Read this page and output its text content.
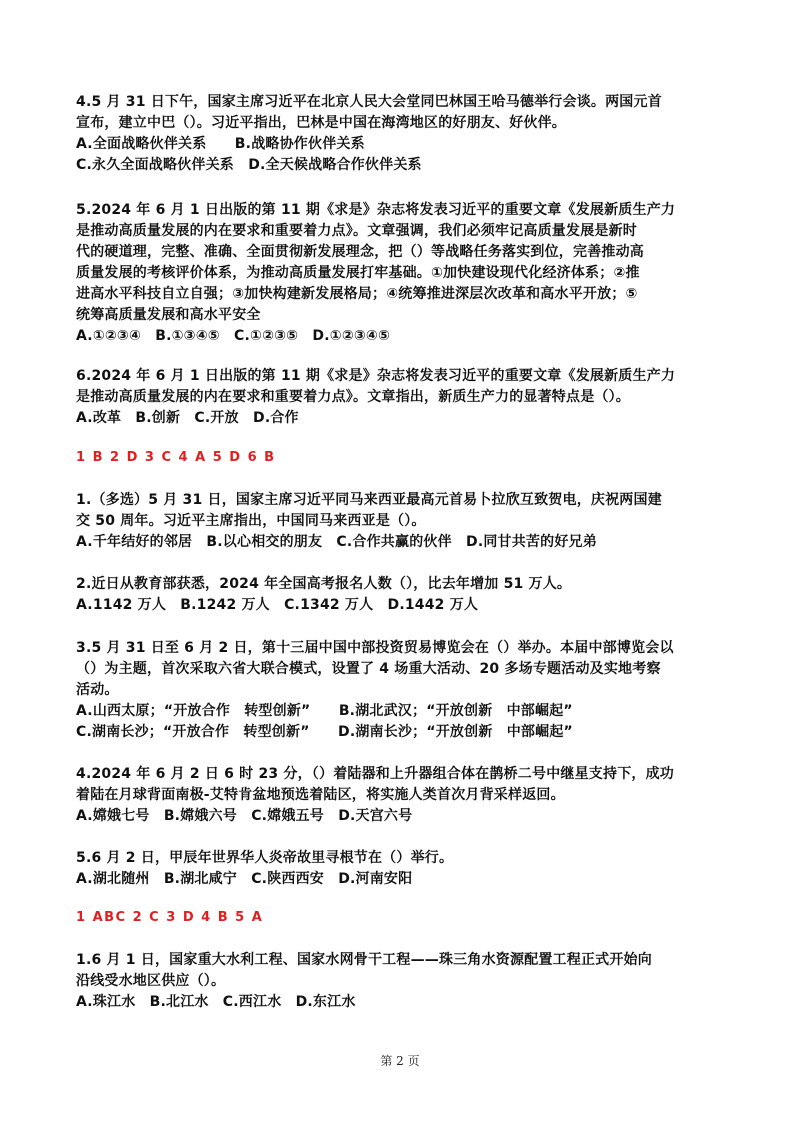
4.5 月 31 日下午，国家主席习近平在北京人民大会堂同巴林国王哈马德举行会谈。两国元首
宣布，建立中巴（）。习近平指出，巴林是中国在海湾地区的好朋友、好伙伴。
A.全面战略伙伴关系　　B.战略协作伙伴关系
C.永久全面战略伙伴关系　D.全天候战略合作伙伴关系
5.2024 年 6 月 1 日出版的第 11 期《求是》杂志将发表习近平的重要文章《发展新质生产力
是推动高质量发展的内在要求和重要着力点》。文章强调，我们必须牢记高质量发展是新时
代的硬道理，完整、准确、全面贯彻新发展理念，把（）等战略任务落实到位，完善推动高
质量发展的考核评价体系，为推动高质量发展打牢基础。①加快建设现代化经济体系；②推
进高水平科技自立自强；③加快构建新发展格局；④统筹推进深层次改革和高水平开放；⑤
统筹高质量发展和高水平安全
A.①②③④　B.①③④⑤　C.①②③⑤　D.①②③④⑤
6.2024 年 6 月 1 日出版的第 11 期《求是》杂志将发表习近平的重要文章《发展新质生产力
是推动高质量发展的内在要求和重要着力点》。文章指出，新质生产力的显著特点是（）。
A.改革　B.创新　C.开放　D.合作
1 B 2 D 3 C 4 A 5 D 6 B
1.（多选）5 月 31 日，国家主席习近平同马来西亚最高元首易卜拉欣互致贺电，庆祝两国建
交 50 周年。习近平主席指出，中国同马来西亚是（）。
A.千年结好的邻居　B.以心相交的朋友　C.合作共赢的伙伴　D.同甘共苦的好兄弟
2.近日从教育部获悉，2024 年全国高考报名人数（），比去年增加 51 万人。
A.1142 万人　B.1242 万人　C.1342 万人　D.1442 万人
3.5 月 31 日至 6 月 2 日，第十三届中国中部投资贸易博览会在（）举办。本届中部博览会以
（）为主题，首次采取六省大联合模式，设置了 4 场重大活动、20 多场专题活动及实地考察
活动。
A.山西太原；“开放合作　转型创新”　　B.湖北武汉；“开放创新　中部崛起”
C.湖南长沙；“开放合作　转型创新”　　D.湖南长沙；“开放创新　中部崛起”
4.2024 年 6 月 2 日 6 时 23 分，（）着陆器和上升器组合体在鹊桥二号中继星支持下，成功
着陆在月球背面南极-艾特肯盆地预选着陆区，将实施人类首次月背采样返回。
A.嫦娥七号　B.嫦娥六号　C.嫦娥五号　D.天宫六号
5.6 月 2 日，甲辰年世界华人炎帝故里寻根节在（）举行。
A.湖北随州　B.湖北咸宁　C.陕西西安　D.河南安阳
1 ABC 2 C 3 D 4 B 5 A
1.6 月 1 日，国家重大水利工程、国家水网骨干工程——珠三角水资源配置工程正式开始向
沿线受水地区供应（）。
A.珠江水　B.北江水　C.西江水　D.东江水
第 2 页
